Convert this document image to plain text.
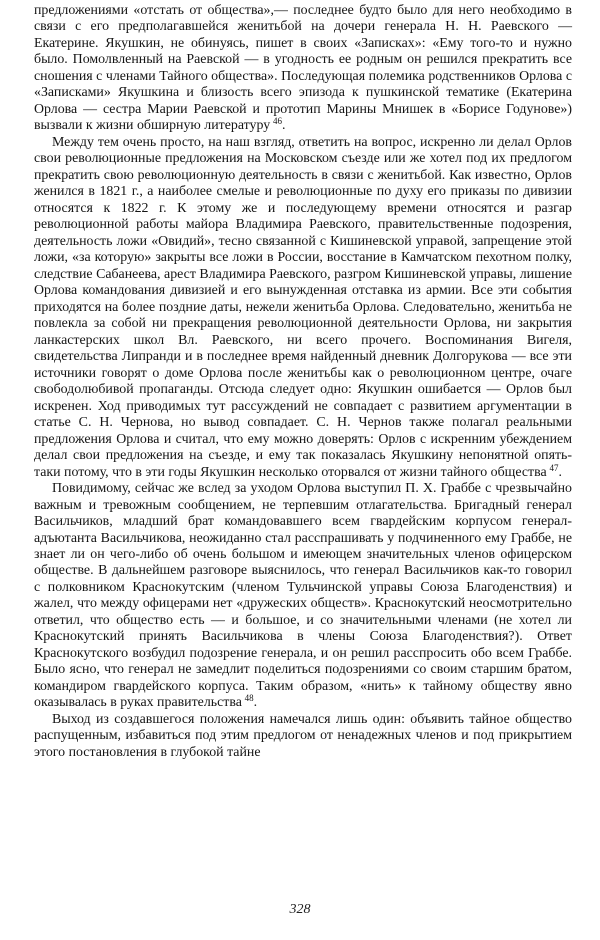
предложениями «отстать от общества»,— последнее будто было для него необходимо в связи с его предполагавшейся женитьбой на дочери генерала Н. Н. Раевского — Екатерине. Якушкин, не обинуясь, пишет в своих «Записках»: «Ему того-то и нужно было. Помолвленный на Раевской — в угодность ее родным он решился прекратить все сношения с членами Тайного общества». Последующая полемика родственников Орлова с «Записками» Якушкина и близость всего эпизода к пушкинской тематике (Екатерина Орлова — сестра Марии Раевской и прототип Марины Мнишек в «Борисе Годунове») вызвали к жизни обширную литературу  $^{46}$.

Между тем очень просто, на наш взгляд, ответить на вопрос, искренно ли делал Орлов свои революционные предложения на Московском съезде или же хотел под их предлогом прекратить свою революционную деятельность в связи с женитьбой. Как известно, Орлов женился в 1821 г., а наиболее смелые и революционные по духу его приказы по дивизии относятся к 1822 г. К этому же и последующему времени относятся и разгар революционной работы майора Владимира Раевского, правительственные подозрения, деятельность ложи «Овидий», тесно связанной с Кишиневской управой, запрещение этой ложи, «за которую» закрыты все ложи в России, восстание в Камчатском пехотном полку, следствие Сабанеева, арест Владимира Раевского, разгром Кишиневской управы, лишение Орлова командования дивизией и его вынужденная отставка из армии. Все эти события приходятся на более поздние даты, нежели женитьба Орлова. Следовательно, женитьба не повлекла за собой ни прекращения революционной деятельности Орлова, ни закрытия ланкастерских школ Вл. Раевского, ни всего прочего. Воспоминания Вигеля, свидетельства Липранди и в последнее время найденный дневник Долгорукова — все эти источники говорят о доме Орлова после женитьбы как о революционном центре, очаге свободолюбивой пропаганды. Отсюда следует одно: Якушкин ошибается — Орлов был искренен. Ход приводимых тут рассуждений не совпадает с развитием аргументации в статье С. Н. Чернова, но вывод совпадает. С. Н. Чернов также полагал реальными предложения Орлова и считал, что ему можно доверять: Орлов с искренним убеждением делал свои предложения на съезде, и ему так показалась Якушкину непонятной опять-таки потому, что в эти годы Якушкин несколько оторвался от жизни тайного общества  $^{47}$.

Повидимому, сейчас же вслед за уходом Орлова выступил П. Х. Граббе с чрезвычайно важным и тревожным сообщением, не терпевшим отлагательства. Бригадный генерал Васильчиков, младший брат командовавшего всем гвардейским корпусом генерал-адъютанта Васильчикова, неожиданно стал расспрашивать у подчиненного ему Граббе, не знает ли он чего-либо об очень большом и имеющем значительных членов офицерском обществе. В дальнейшем разговоре выяснилось, что генерал Васильчиков как-то говорил с полковником Краснокутским (членом Тульчинской управы Союза Благоденствия) и жалел, что между офицерами нет «дружеских обществ». Краснокутский неосмотрительно ответил, что общество есть — и большое, и со значительными членами (не хотел ли Краснокутский принять Васильчикова в члены Союза Благоденствия?). Ответ Краснокутского возбудил подозрение генерала, и он решил расспросить обо всем Граббе. Было ясно, что генерал не замедлит поделиться подозрениями со своим старшим братом, командиром гвардейского корпуса. Таким образом, «нить» к тайному обществу явно оказывалась в руках правительства  $^{48}$.

Выход из создавшегося положения намечался лишь один: объявить тайное общество распущенным, избавиться под этим предлогом от ненадежных членов и под прикрытием этого постановления в глубокой тайне

328
